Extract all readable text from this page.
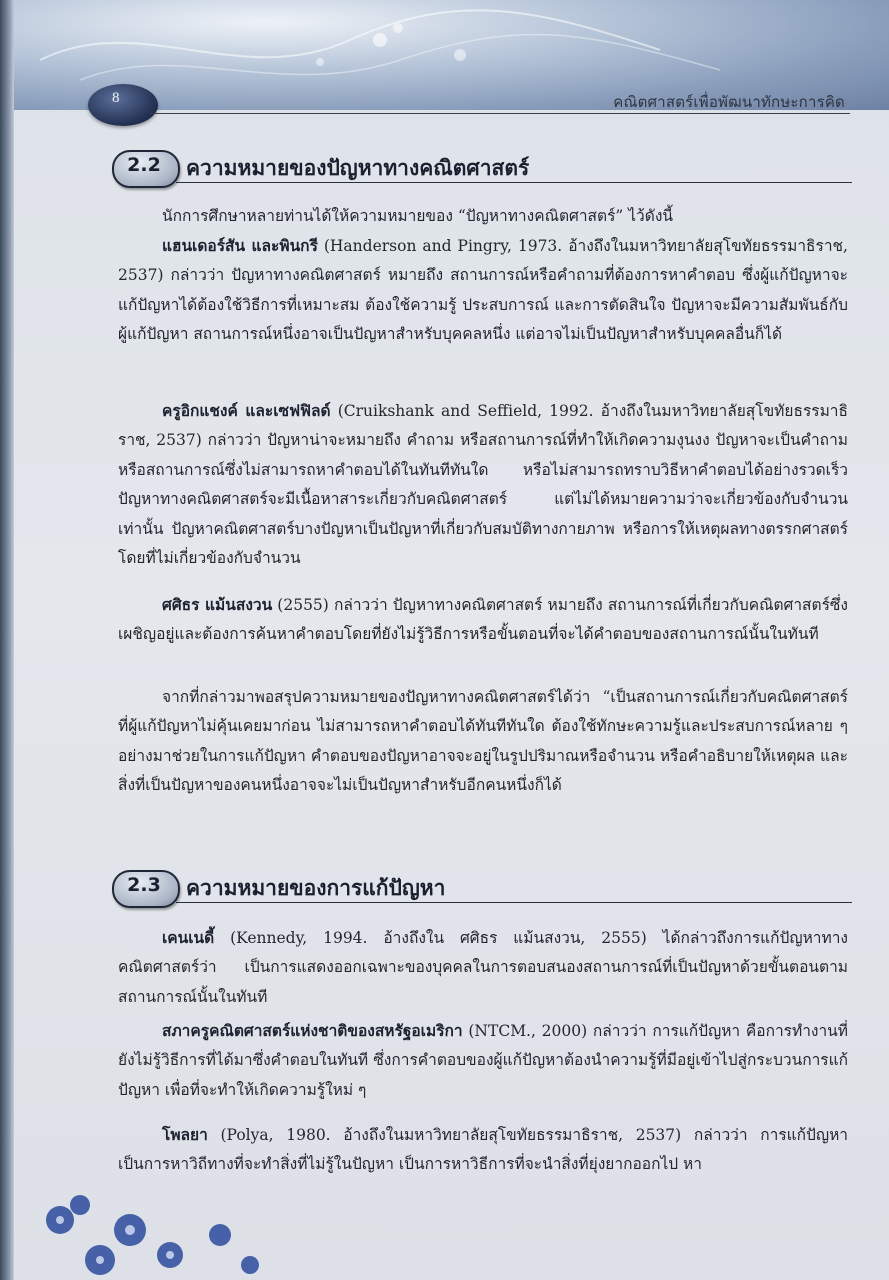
8	คณิตศาสตร์เพื่อพัฒนาทักษะการคิด
2.2	ความหมายของปัญหาทางคณิตศาสตร์
นักการศึกษาหลายท่านได้ให้ความหมายของ “ปัญหาทางคณิตศาสตร์” ไว้ดังนี้
แฮนเดอร์สัน และพินกรี (Handerson and Pingry, 1973. อ้างถึงในมหาวิทยาลัยสุโขทัยธรรมาธิราช, 2537) กล่าวว่า ปัญหาทางคณิตศาสตร์ หมายถึง สถานการณ์หรือคำถามที่ต้องการหาคำตอบ ซึ่งผู้แก้ปัญหาจะแก้ปัญหาได้ต้องใช้วิธีการที่เหมาะสม ต้องใช้ความรู้ ประสบการณ์ และการตัดสินใจ ปัญหาจะมีความสัมพันธ์กับผู้แก้ปัญหา สถานการณ์หนึ่งอาจเป็นปัญหาสำหรับบุคคลหนึ่ง แต่อาจไม่เป็นปัญหาสำหรับบุคคลอื่นก็ได้
ครูอิกแชงค์ และเซฟฟิลด์ (Cruikshank and Seffield, 1992. อ้างถึงในมหาวิทยาลัยสุโขทัยธรรมาธิราช, 2537) กล่าวว่า ปัญหาน่าจะหมายถึง คำถาม หรือสถานการณ์ที่ทำให้เกิดความงุนงง ปัญหาจะเป็นคำถามหรือสถานการณ์ซึ่งไม่สามารถหาคำตอบได้ในทันทีทันใด หรือไม่สามารถทราบวิธีหาคำตอบได้อย่างรวดเร็ว ปัญหาทางคณิตศาสตร์จะมีเนื้อหาสาระเกี่ยวกับคณิตศาสตร์ แต่ไม่ได้หมายความว่าจะเกี่ยวข้องกับจำนวนเท่านั้น ปัญหาคณิตศาสตร์บางปัญหาเป็นปัญหาที่เกี่ยวกับสมบัติทางกายภาพ หรือการให้เหตุผลทางตรรกศาสตร์ โดยที่ไม่เกี่ยวข้องกับจำนวน
ศศิธร แม้นสงวน (2555) กล่าวว่า ปัญหาทางคณิตศาสตร์ หมายถึง สถานการณ์ที่เกี่ยวกับคณิตศาสตร์ซึ่งเผชิญอยู่และต้องการค้นหาคำตอบโดยที่ยังไม่รู้วิธีการหรือขั้นตอนที่จะได้คำตอบของสถานการณ์นั้นในทันที
จากที่กล่าวมาพอสรุปความหมายของปัญหาทางคณิตศาสตร์ได้ว่า “เป็นสถานการณ์เกี่ยวกับคณิตศาสตร์ที่ผู้แก้ปัญหาไม่คุ้นเคยมาก่อน ไม่สามารถหาคำตอบได้ทันทีทันใด ต้องใช้ทักษะความรู้และประสบการณ์หลาย ๆ อย่างมาช่วยในการแก้ปัญหา คำตอบของปัญหาอาจจะอยู่ในรูปปริมาณหรือจำนวน หรือคำอธิบายให้เหตุผล และสิ่งที่เป็นปัญหาของคนหนึ่งอาจจะไม่เป็นปัญหาสำหรับอีกคนหนึ่งก็ได้
2.3	ความหมายของการแก้ปัญหา
เคนเนดี้ (Kennedy, 1994. อ้างถึงใน ศศิธร แม้นสงวน, 2555) ได้กล่าวถึงการแก้ปัญหาทางคณิตศาสตร์ว่า เป็นการแสดงออกเฉพาะของบุคคลในการตอบสนองสถานการณ์ที่เป็นปัญหาด้วยขั้นตอนตามสถานการณ์นั้นในทันที
สภาครูคณิตศาสตร์แห่งชาติของสหรัฐอเมริกา (NTCM., 2000) กล่าวว่า การแก้ปัญหา คือการทำงานที่ยังไม่รู้วิธีการที่ได้มาซึ่งคำตอบในทันที ซึ่งการคำตอบของผู้แก้ปัญหาต้องนำความรู้ที่มีอยู่เข้าไปสู่กระบวนการแก้ปัญหา เพื่อที่จะทำให้เกิดความรู้ใหม่ ๆ
โพลยา (Polya, 1980. อ้างถึงในมหาวิทยาลัยสุโขทัยธรรมาธิราช, 2537) กล่าวว่า การแก้ปัญหาเป็นการหาวิถีทางที่จะทำสิ่งที่ไม่รู้ในปัญหา เป็นการหาวิธีการที่จะนำสิ่งที่ยุ่งยากออกไป หา
